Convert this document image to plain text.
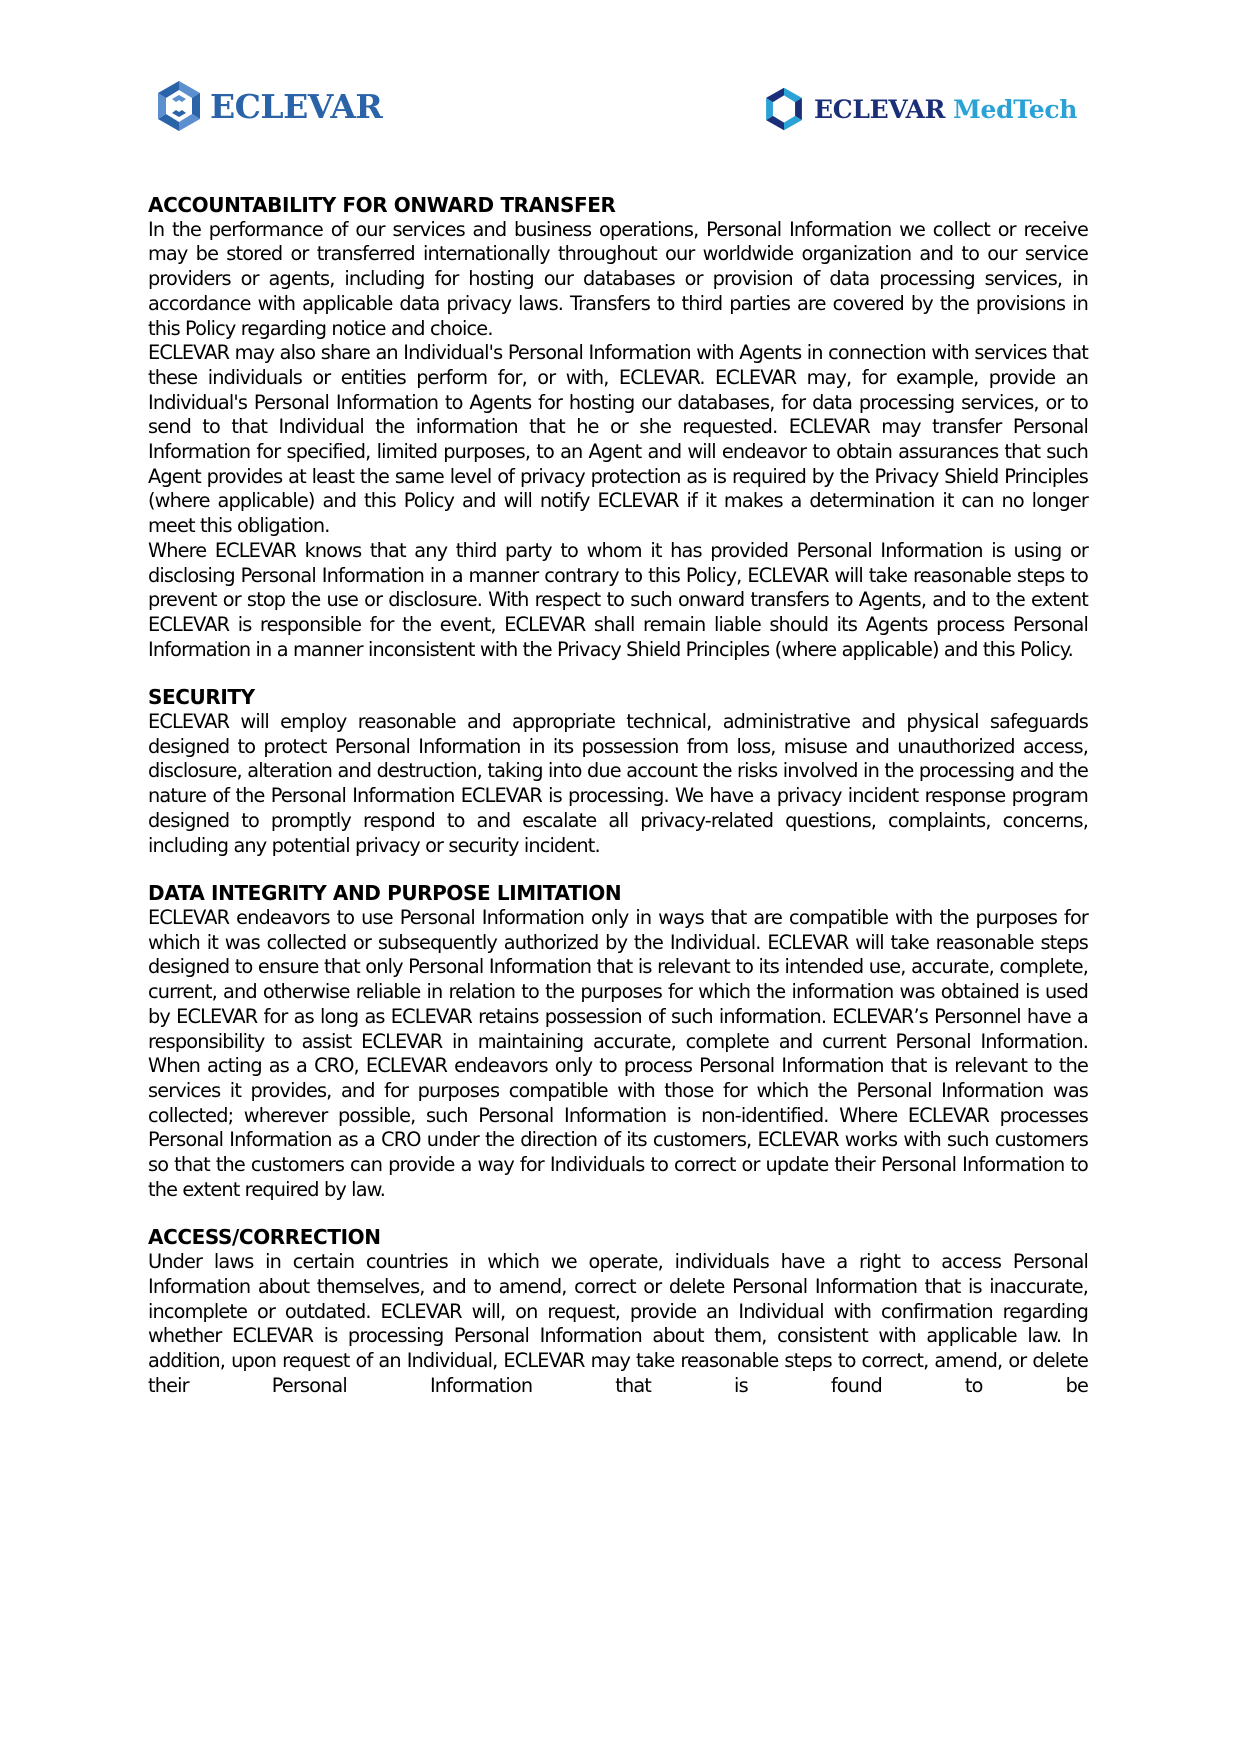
ECLEVAR	ECLEVAR MedTech
ACCOUNTABILITY FOR ONWARD TRANSFER

In the performance of our services and business operations, Personal Information we collect or receive may be stored or transferred internationally throughout our worldwide organization and to our service providers or agents, including for hosting our databases or provision of data processing services, in accordance with applicable data privacy laws. Transfers to third parties are covered by the provisions in this Policy regarding notice and choice.

ECLEVAR may also share an Individual's Personal Information with Agents in connection with services that these individuals or entities perform for, or with, ECLEVAR. ECLEVAR may, for example, provide an Individual's Personal Information to Agents for hosting our databases, for data processing services, or to send to that Individual the information that he or she requested. ECLEVAR may transfer Personal Information for specified, limited purposes, to an Agent and will endeavor to obtain assurances that such Agent provides at least the same level of privacy protection as is required by the Privacy Shield Principles (where applicable) and this Policy and will notify ECLEVAR if it makes a determination it can no longer meet this obligation.

Where ECLEVAR knows that any third party to whom it has provided Personal Information is using or disclosing Personal Information in a manner contrary to this Policy, ECLEVAR will take reasonable steps to prevent or stop the use or disclosure. With respect to such onward transfers to Agents, and to the extent ECLEVAR is responsible for the event, ECLEVAR shall remain liable should its Agents process Personal Information in a manner inconsistent with the Privacy Shield Principles (where applicable) and this Policy.

SECURITY

ECLEVAR will employ reasonable and appropriate technical, administrative and physical safeguards designed to protect Personal Information in its possession from loss, misuse and unauthorized access, disclosure, alteration and destruction, taking into due account the risks involved in the processing and the nature of the Personal Information ECLEVAR is processing. We have a privacy incident response program designed to promptly respond to and escalate all privacy-related questions, complaints, concerns, including any potential privacy or security incident.

DATA INTEGRITY AND PURPOSE LIMITATION

ECLEVAR endeavors to use Personal Information only in ways that are compatible with the purposes for which it was collected or subsequently authorized by the Individual. ECLEVAR will take reasonable steps designed to ensure that only Personal Information that is relevant to its intended use, accurate, complete, current, and otherwise reliable in relation to the purposes for which the information was obtained is used by ECLEVAR for as long as ECLEVAR retains possession of such information. ECLEVAR’s Personnel have a responsibility to assist ECLEVAR in maintaining accurate, complete and current Personal Information. When acting as a CRO, ECLEVAR endeavors only to process Personal Information that is relevant to the services it provides, and for purposes compatible with those for which the Personal Information was collected; wherever possible, such Personal Information is non-identified. Where ECLEVAR processes Personal Information as a CRO under the direction of its customers, ECLEVAR works with such customers so that the customers can provide a way for Individuals to correct or update their Personal Information to the extent required by law.

ACCESS/CORRECTION

Under laws in certain countries in which we operate, individuals have a right to access Personal Information about themselves, and to amend, correct or delete Personal Information that is inaccurate, incomplete or outdated. ECLEVAR will, on request, provide an Individual with confirmation regarding whether ECLEVAR is processing Personal Information about them, consistent with applicable law. In addition, upon request of an Individual, ECLEVAR may take reasonable steps to correct, amend, or delete their Personal Information that is found to be
